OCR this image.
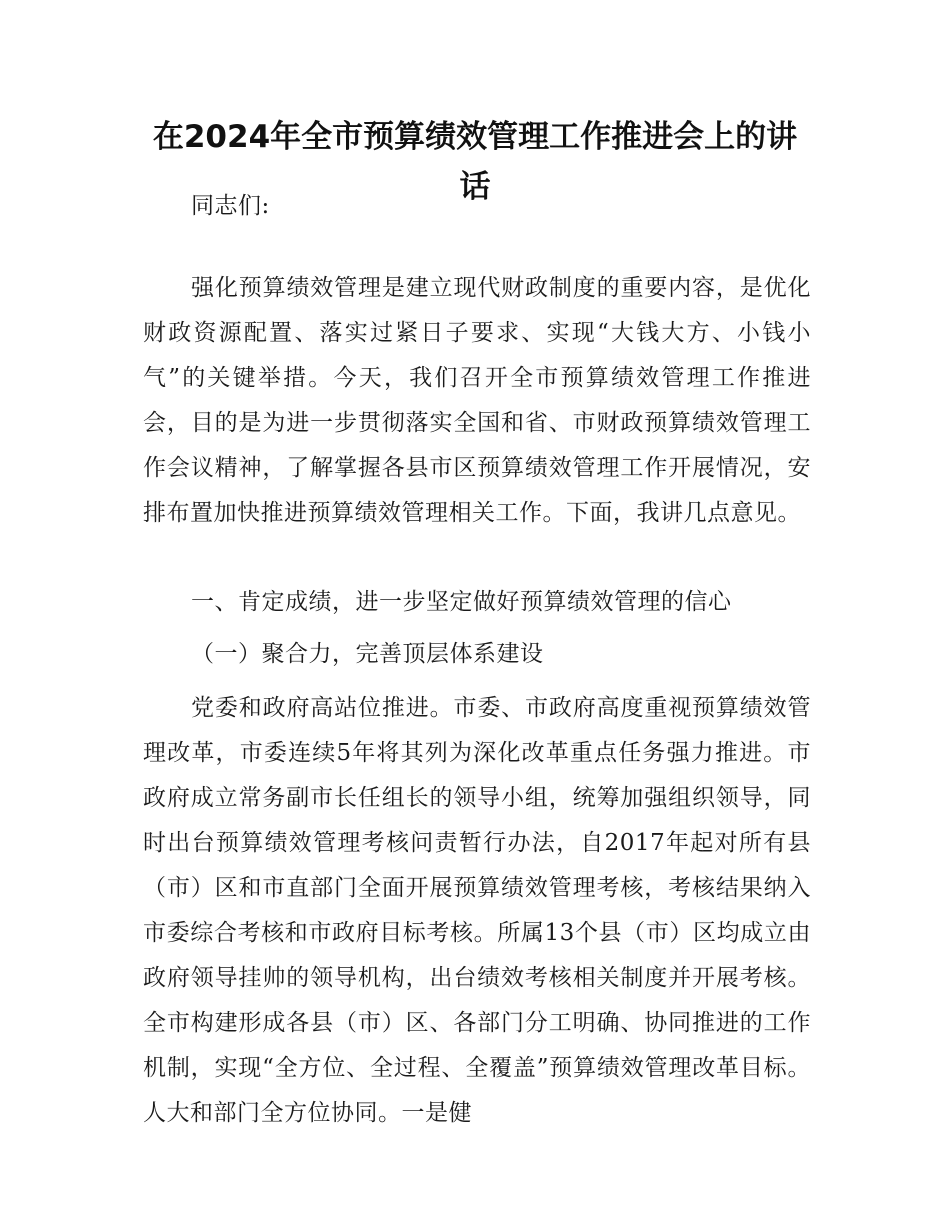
在2024年全市预算绩效管理工作推进会上的讲话

同志们:

强化预算绩效管理是建立现代财政制度的重要内容，是优化财政资源配置、落实过紧日子要求、实现“大钱大方、小钱小气”的关键举措。今天，我们召开全市预算绩效管理工作推进会，目的是为进一步贯彻落实全国和省、市财政预算绩效管理工作会议精神，了解掌握各县市区预算绩效管理工作开展情况，安排布置加快推进预算绩效管理相关工作。下面，我讲几点意见。

一、肯定成绩，进一步坚定做好预算绩效管理的信心

（一）聚合力，完善顶层体系建设

党委和政府高站位推进。市委、市政府高度重视预算绩效管理改革，市委连续5年将其列为深化改革重点任务强力推进。市政府成立常务副市长任组长的领导小组，统筹加强组织领导，同时出台预算绩效管理考核问责暂行办法，自2017年起对所有县（市）区和市直部门全面开展预算绩效管理考核，考核结果纳入市委综合考核和市政府目标考核。所属13个县（市）区均成立由政府领导挂帅的领导机构，出台绩效考核相关制度并开展考核。全市构建形成各县（市）区、各部门分工明确、协同推进的工作机制，实现“全方位、全过程、全覆盖”预算绩效管理改革目标。人大和部门全方位协同。一是健
